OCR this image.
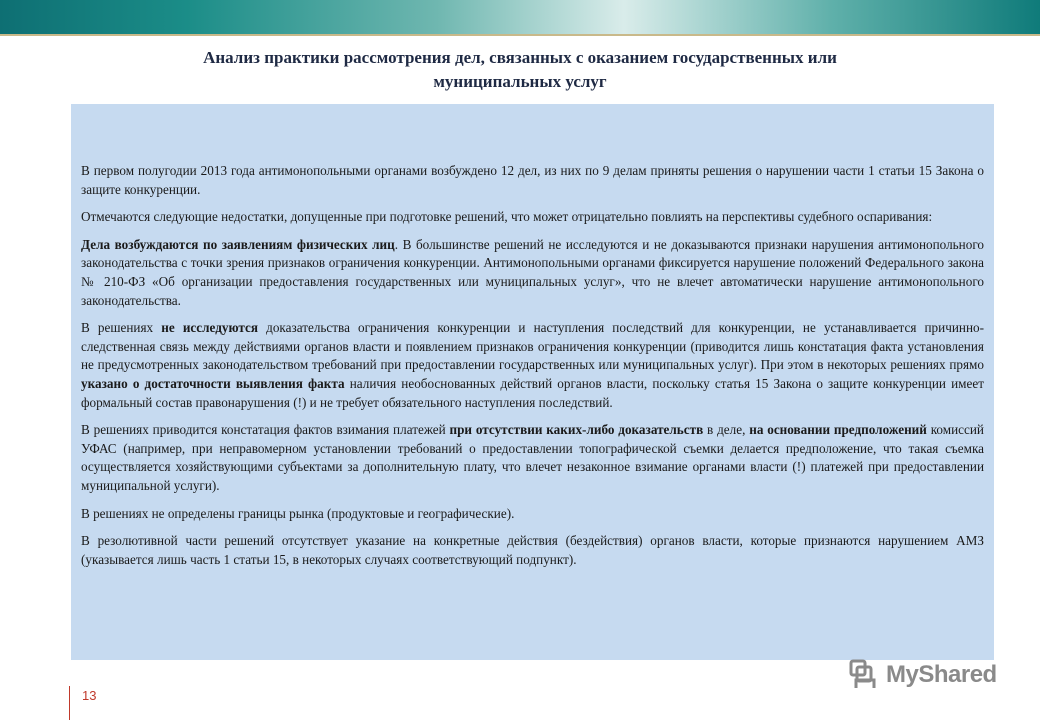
Анализ практики рассмотрения дел, связанных с оказанием государственных или
муниципальных услуг

В первом полугодии 2013 года антимонопольными органами возбуждено 12 дел, из них по 9 делам приняты решения о нарушении части 1 статьи 15 Закона о защите конкуренции.

Отмечаются следующие недостатки, допущенные при подготовке решений, что может отрицательно повлиять на перспективы судебного оспаривания:

Дела возбуждаются по заявлениям физических лиц. В большинстве решений не исследуются и не доказываются признаки нарушения антимонопольного законодательства с точки зрения признаков ограничения конкуренции. Антимонопольными органами фиксируется нарушение положений Федерального закона № 210-ФЗ «Об организации предоставления государственных или муниципальных услуг», что не влечет автоматически нарушение антимонопольного законодательства.

В решениях не исследуются доказательства ограничения конкуренции и наступления последствий для конкуренции, не устанавливается причинно-следственная связь между действиями органов власти и появлением признаков ограничения конкуренции (приводится лишь констатация факта установления не предусмотренных законодательством требований при предоставлении государственных или муниципальных услуг). При этом в некоторых решениях прямо указано о достаточности выявления факта наличия необоснованных действий органов власти, поскольку статья 15 Закона о защите конкуренции имеет формальный состав правонарушения (!) и не требует обязательного наступления последствий.

В решениях приводится констатация фактов взимания платежей при отсутствии каких-либо доказательств в деле, на основании предположений комиссий УФАС (например, при неправомерном установлении требований о предоставлении топографической съемки делается предположение, что такая съемка осуществляется хозяйствующими субъектами за дополнительную плату, что влечет незаконное взимание органами власти (!) платежей при предоставлении муниципальной услуги).

В решениях не определены границы рынка (продуктовые и географические).

В резолютивной части решений отсутствует указание на конкретные действия (бездействия) органов власти, которые признаются нарушением АМЗ (указывается лишь часть 1 статьи 15, в некоторых случаях соответствующий подпункт).

13
MyShared
